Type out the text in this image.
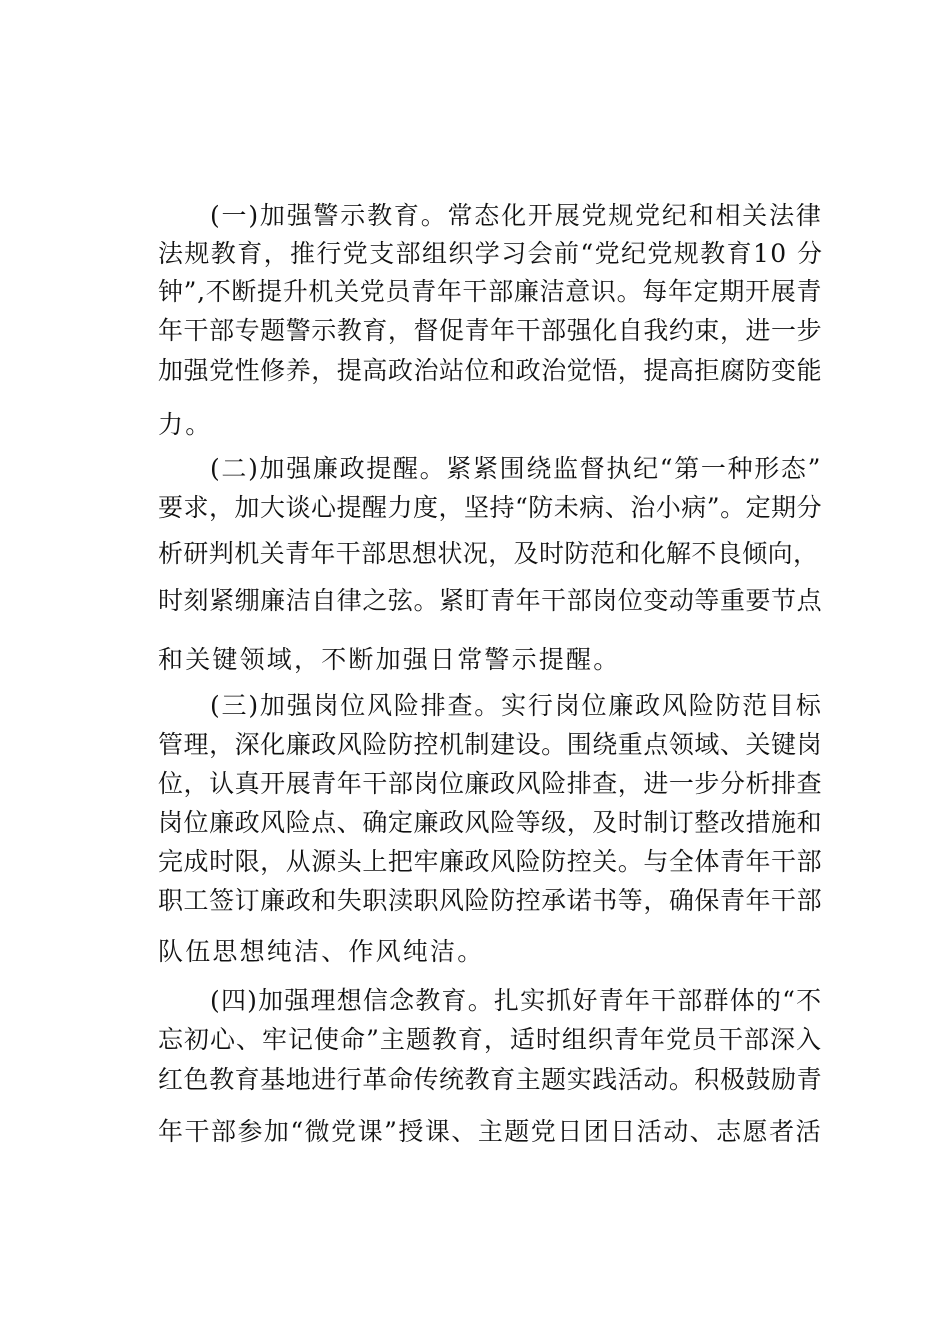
(一)加强警示教育。常态化开展党规党纪和相关法律
法规教育，推行党支部组织学习会前“党纪党规教育10 分
钟”,不断提升机关党员青年干部廉洁意识。每年定期开展青
年干部专题警示教育，督促青年干部强化自我约束，进一步
加强党性修养，提高政治站位和政治觉悟，提高拒腐防变能
力。
(二)加强廉政提醒。紧紧围绕监督执纪“第一种形态”
要求，加大谈心提醒力度，坚持“防未病、治小病”。定期分
析研判机关青年干部思想状况，及时防范和化解不良倾向，
时刻紧绷廉洁自律之弦。紧盯青年干部岗位变动等重要节点
和关键领域，不断加强日常警示提醒。
(三)加强岗位风险排查。实行岗位廉政风险防范目标
管理，深化廉政风险防控机制建设。围绕重点领域、关键岗
位，认真开展青年干部岗位廉政风险排查，进一步分析排查
岗位廉政风险点、确定廉政风险等级，及时制订整改措施和
完成时限，从源头上把牢廉政风险防控关。与全体青年干部
职工签订廉政和失职渎职风险防控承诺书等，确保青年干部
队伍思想纯洁、作风纯洁。
(四)加强理想信念教育。扎实抓好青年干部群体的“不
忘初心、牢记使命”主题教育，适时组织青年党员干部深入
红色教育基地进行革命传统教育主题实践活动。积极鼓励青
年干部参加“微党课”授课、主题党日团日活动、志愿者活
